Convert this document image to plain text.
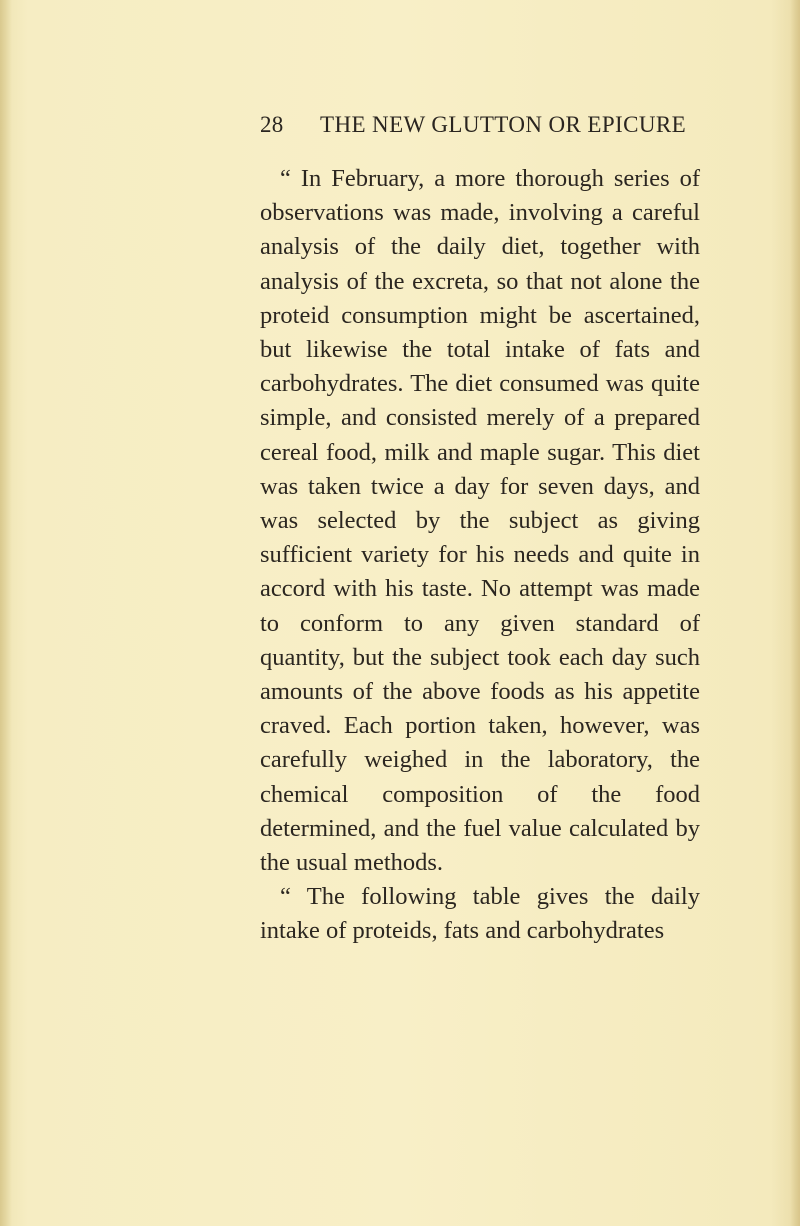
28	THE NEW GLUTTON OR EPICURE

“ In February, a more thorough series of observations was made, involving a careful analysis of the daily diet, together with analysis of the excreta, so that not alone the proteid consumption might be ascertained, but likewise the total intake of fats and carbohydrates. The diet consumed was quite simple, and consisted merely of a prepared cereal food, milk and maple sugar. This diet was taken twice a day for seven days, and was selected by the subject as giving sufficient variety for his needs and quite in accord with his taste. No attempt was made to conform to any given standard of quantity, but the subject took each day such amounts of the above foods as his appetite craved. Each portion taken, however, was carefully weighed in the laboratory, the chemical composition of the food determined, and the fuel value calculated by the usual methods.

“ The following table gives the daily intake of proteids, fats and carbohydrates
